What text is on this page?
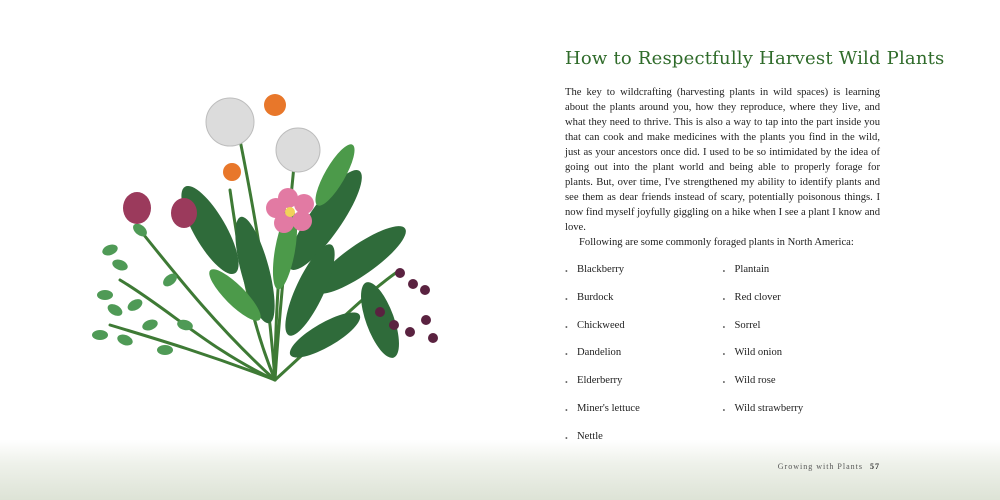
How to Respectfully Harvest Wild Plants

The key to wildcrafting (harvesting plants in wild spaces) is learning about the plants around you, how they reproduce, where they live, and what they need to thrive. This is also a way to tap into the part inside you that can cook and make medicines with the plants you find in the wild, just as your ancestors once did. I used to be so intimidated by the idea of going out into the plant world and being able to properly forage for plants. But, over time, I've strengthened my ability to identify plants and see them as dear friends instead of scary, potentially poisonous things. I now find myself joyfully giggling on a hike when I see a plant I know and love.

Following are some commonly foraged plants in North America:

• Blackberry
• Burdock
• Chickweed
• Dandelion
• Elderberry
• Miner's lettuce
• Nettle
• Plantain
• Red clover
• Sorrel
• Wild onion
• Wild rose
• Wild strawberry
Growing with Plants 57
